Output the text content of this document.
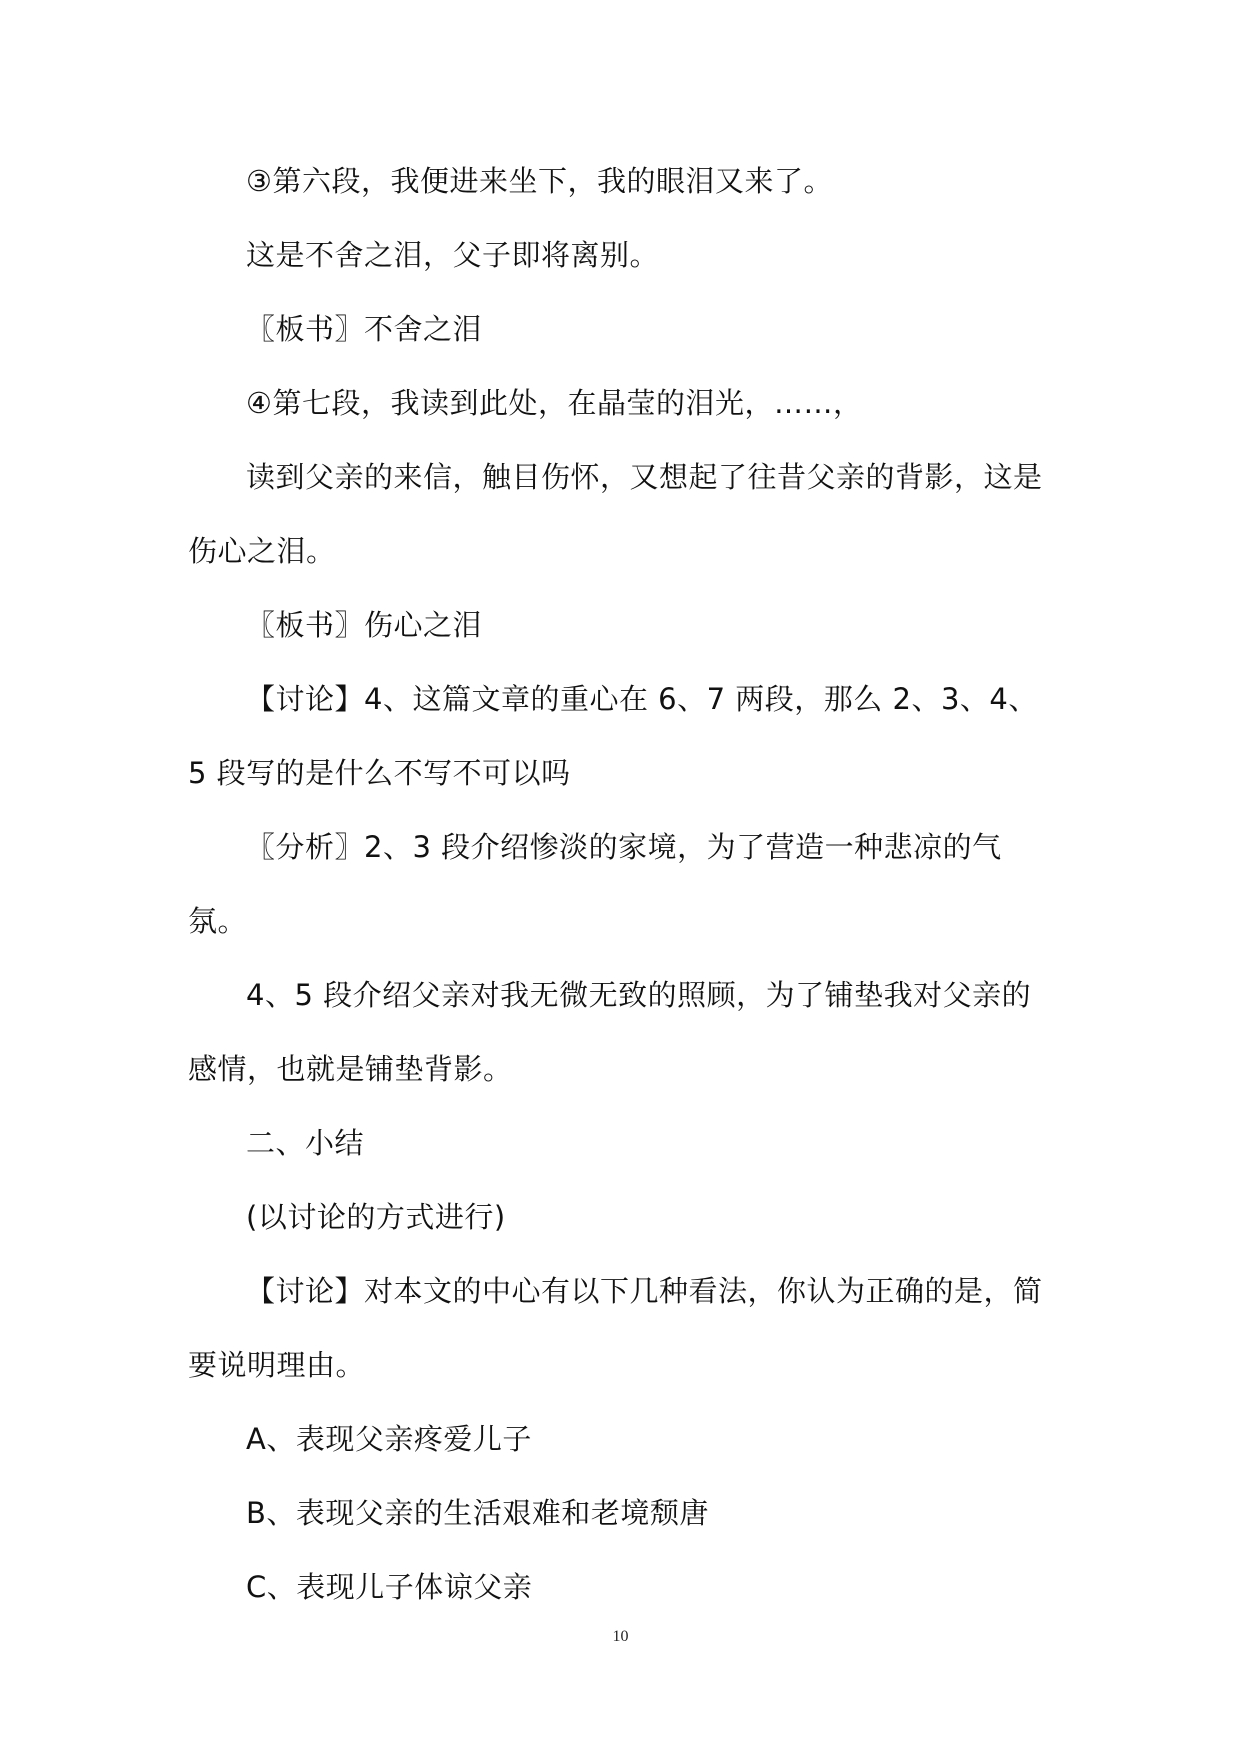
③第六段，我便进来坐下，我的眼泪又来了。

这是不舍之泪，父子即将离别。

〖板书〗不舍之泪

④第七段，我读到此处，在晶莹的泪光，……，

读到父亲的来信，触目伤怀，又想起了往昔父亲的背影，这是伤心之泪。

〖板书〗伤心之泪

【讨论】4、这篇文章的重心在 6、7 两段，那么 2、3、4、5 段写的是什么不写不可以吗

〖分析〗2、3 段介绍惨淡的家境，为了营造一种悲凉的气氛。

4、5 段介绍父亲对我无微无致的照顾，为了铺垫我对父亲的感情，也就是铺垫背影。

二、小结

(以讨论的方式进行)

【讨论】对本文的中心有以下几种看法，你认为正确的是，简要说明理由。

A、表现父亲疼爱儿子

B、表现父亲的生活艰难和老境颓唐

C、表现儿子体谅父亲

10
